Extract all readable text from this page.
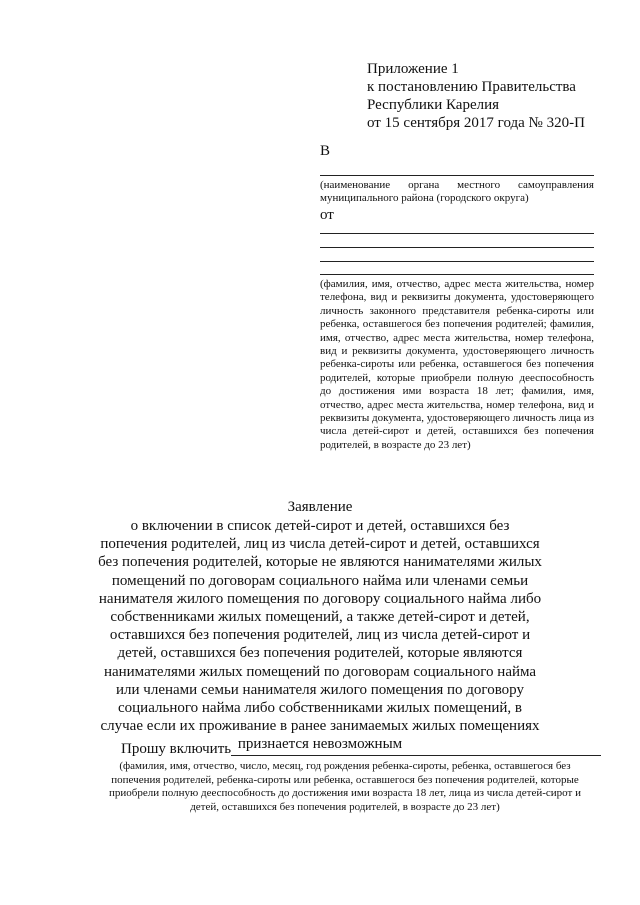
Приложение 1
к постановлению Правительства
Республики Карелия
от 15 сентября 2017 года № 320-П
В
(наименование органа местного самоуправления муниципального района (городского округа)
от
(фамилия, имя, отчество, адрес места жительства, номер телефона, вид и реквизиты документа, удостоверяющего личность законного представителя ребенка-сироты или ребенка, оставшегося без попечения родителей; фамилия, имя, отчество, адрес места жительства, номер телефона, вид и реквизиты документа, удостоверяющего личность ребенка-сироты или ребенка, оставшегося без попечения родителей, которые приобрели полную дееспособность до достижения ими возраста 18 лет; фамилия, имя, отчество, адрес места жительства, номер телефона, вид и реквизиты документа, удостоверяющего личность лица из числа детей-сирот и детей, оставшихся без попечения родителей, в возрасте до 23 лет)
Заявление
о включении в список детей-сирот и детей, оставшихся без попечения родителей, лиц из числа детей-сирот и детей, оставшихся без попечения родителей, которые не являются нанимателями жилых помещений по договорам социального найма или членами семьи нанимателя жилого помещения по договору социального найма либо собственниками жилых помещений, а также детей-сирот и детей, оставшихся без попечения родителей, лиц из числа детей-сирот и детей, оставшихся без попечения родителей, которые являются нанимателями жилых помещений по договорам социального найма или членами семьи нанимателя жилого помещения по договору социального найма либо собственниками жилых помещений, в случае если их проживание в ранее занимаемых жилых помещениях признается невозможным
Прошу включить
(фамилия, имя, отчество, число, месяц, год рождения ребенка-сироты, ребенка, оставшегося без попечения родителей, ребенка-сироты или ребенка, оставшегося без попечения родителей, которые приобрели полную дееспособность до достижения ими возраста 18 лет, лица из числа детей-сирот и детей, оставшихся без попечения родителей, в возрасте до 23 лет)
